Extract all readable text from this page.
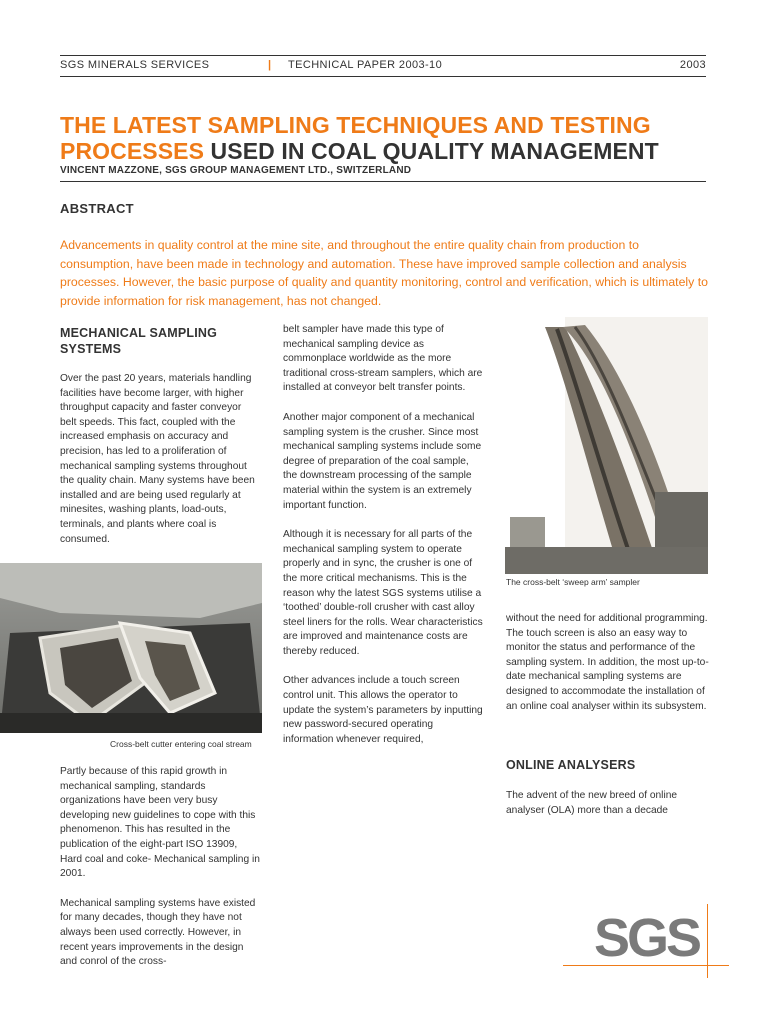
SGS MINERALS SERVICES	| TECHNICAL PAPER 2003-10	2003
THE LATEST SAMPLING TECHNIQUES AND TESTING
PROCESSES USED IN COAL QUALITY MANAGEMENT
VINCENT MAZZONE, SGS GROUP MANAGEMENT LTD., SWITZERLAND
ABSTRACT
Advancements in quality control at the mine site, and throughout the entire quality chain from production to consumption, have been made in technology and automation. These have improved sample collection and analysis processes. However, the basic purpose of quality and quantity monitoring, control and verification, which is ultimately to provide information for risk management, has not changed.
MECHANICAL SAMPLING
SYSTEMS

Over the past 20 years, materials handling facilities have become larger, with higher throughput capacity and faster conveyor belt speeds. This fact, coupled with the increased emphasis on accuracy and precision, has led to a proliferation of mechanical sampling systems throughout the quality chain. Many systems have been installed and are being used regularly at minesites, washing plants, load-outs, terminals, and plants where coal is consumed.

Cross-belt cutter entering coal stream

Partly because of this rapid growth in mechanical sampling, standards organizations have been very busy developing new guidelines to cope with this phenomenon. This has resulted in the publication of the eight-part ISO 13909, Hard coal and coke- Mechanical sampling in 2001.

Mechanical sampling systems have existed for many decades, though they have not always been used correctly. However, in recent years improvements in the design and conrol of the cross-

belt sampler have made this type of mechanical sampling device as commonplace worldwide as the more traditional cross-stream samplers, which are installed at conveyor belt transfer points.

Another major component of a mechanical sampling system is the crusher. Since most mechanical sampling systems include some degree of preparation of the coal sample, the downstream processing of the sample material within the system is an extremely important function.

Although it is necessary for all parts of the mechanical sampling system to operate properly and in sync, the crusher is one of the more critical mechanisms. This is the reason why the latest SGS systems utilise a ‘toothed’ double-roll crusher with cast alloy steel liners for the rolls. Wear characteristics are improved and maintenance costs are thereby reduced.

Other advances include a touch screen control unit. This allows the operator to update the system’s parameters by inputting new password-secured operating information whenever required,

The cross-belt ‘sweep arm’ sampler

without the need for additional programming. The touch screen is also an easy way to monitor the status and performance of the sampling system. In addition, the most up-to-date mechanical sampling systems are designed to accommodate the installation of an online coal analyser within its subsystem.

ONLINE ANALYSERS

The advent of the new breed of online analyser (OLA) more than a decade

SGS
